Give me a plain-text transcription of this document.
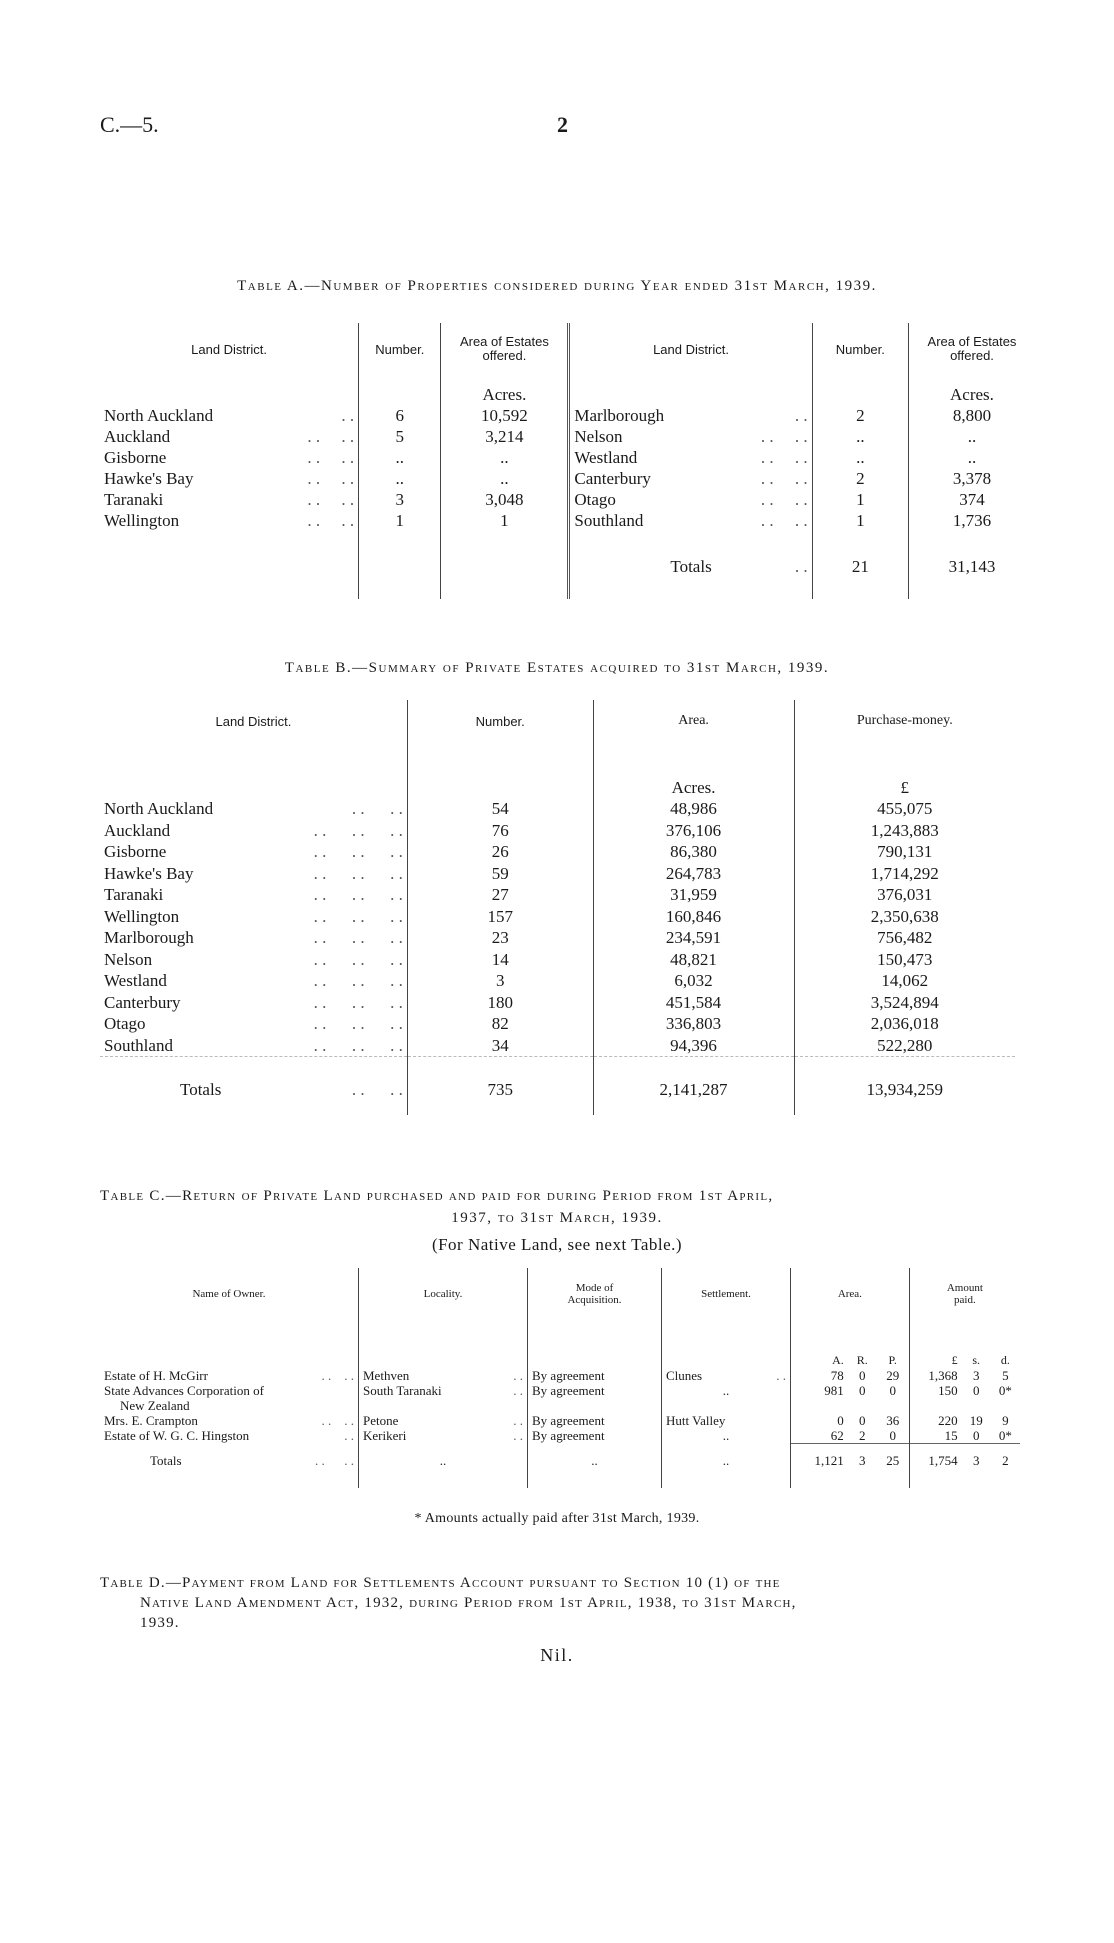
C.—5.	2
Table A.—Number of Properties considered during Year ended 31st March, 1939.
Land District.	Number.	Area of Estates
offered.	Land District.	Number.	Area of Estates
offered.
		Acres.			Acres.
North Auckland . .	6	10,592	Marlborough . .	2	8,800
Auckland . .     . .	5	3,214	Nelson . .     . .	..	..
Gisborne . .     . .	..	..	Westland . .     . .	..	..
Hawke's Bay . .     . .	..	..	Canterbury . .     . .	2	3,378
Taranaki . .     . .	3	3,048	Otago . .     . .	1	374
Wellington . .     . .	1	1	Southland . .     . .	1	1,736
			Totals . .	21	31,143

Table B.—Summary of Private Estates acquired to 31st March, 1939.
Land District.	Number.	Area.	Purchase-money.
		Acres.	£
North Auckland . .      . .	54	48,986	455,075
Auckland . .      . .      . .	76	376,106	1,243,883
Gisborne . .      . .      . .	26	86,380	790,131
Hawke's Bay . .      . .      . .	59	264,783	1,714,292
Taranaki . .      . .      . .	27	31,959	376,031
Wellington . .      . .      . .	157	160,846	2,350,638
Marlborough . .      . .      . .	23	234,591	756,482
Nelson . .      . .      . .	14	48,821	150,473
Westland . .      . .      . .	3	6,032	14,062
Canterbury . .      . .      . .	180	451,584	3,524,894
Otago . .      . .      . .	82	336,803	2,036,018
Southland . .      . .      . .	34	94,396	522,280
Totals . .      . .	735	2,141,287	13,934,259

Table C.—Return of Private Land purchased and paid for during Period from 1st April,
1937, to 31st March, 1939.
(For Native Land, see next Table.)
Name of Owner.	Locality.	Mode of
Acquisition.	Settlement.	Area.			Amount
paid.		
				A.	R.	P.	£	s.	d.
Estate of H. McGirr . .    . .	Methven . .	By agreement	Clunes . .	78	0	29	1,368	3	5
State Advances Corporation of
New Zealand	South Taranaki . .	By agreement	..	981	0	0	150	0	0*
Mrs. E. Crampton . .    . .	Petone . .	By agreement	Hutt Valley	0	0	36	220	19	9
Estate of W. G. C. Hingston . .	Kerikeri . .	By agreement	..	62	2	0	15	0	0*
Totals . .      . .	..	..	..	1,121	3	25	1,754	3	2

* Amounts actually paid after 31st March, 1939.
Table D.—Payment from Land for Settlements Account pursuant to Section 10 (1) of the
Native Land Amendment Act, 1932, during Period from 1st April, 1938, to 31st March,
1939.
Nil.
